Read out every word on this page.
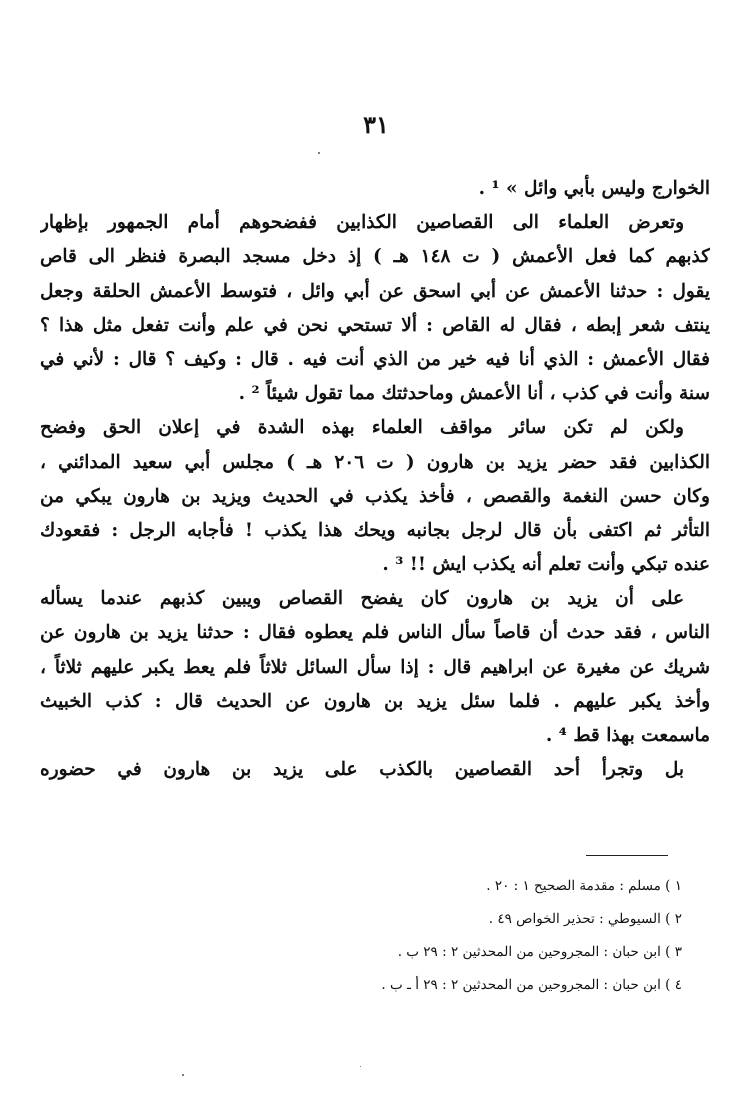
٣١
الخوارج وليس بأبي وائل » ¹ .
وتعرض العلماء الى القصاصين الكذابين ففضحوهم أمام الجمهور بإظهار
كذبهم كما فعل الأعمش ( ت ١٤٨ هـ ) إذ دخل مسجد البصرة فنظر الى قاص
يقول : حدثنا الأعمش عن أبي اسحق عن أبي وائل ، فتوسط الأعمش الحلقة وجعل
ينتف شعر إبطه ، فقال له القاص : ألا تستحي نحن في علم وأنت تفعل مثل هذا ؟
فقال الأعمش : الذي أنا فيه خير من الذي أنت فيه . قال : وكيف ؟ قال : لأني في
سنة وأنت في كذب ، أنا الأعمش وماحدثتك مما تقول شيئاً ² .
ولكن لم تكن سائر مواقف العلماء بهذه الشدة في إعلان الحق وفضح
الكذابين فقد حضر يزيد بن هارون ( ت ٢٠٦ هـ ) مجلس أبي سعيد المدائني ،
وكان حسن النغمة والقصص ، فأخذ يكذب في الحديث ويزيد بن هارون يبكي من
التأثر ثم اكتفى بأن قال لرجل بجانبه ويحك هذا يكذب ! فأجابه الرجل : فقعودك
عنده تبكي وأنت تعلم أنه يكذب ايش !! ³ .
على أن يزيد بن هارون كان يفضح القصاص ويبين كذبهم عندما يسأله
الناس ، فقد حدث أن قاصاً سأل الناس فلم يعطوه فقال : حدثنا يزيد بن هارون عن
شريك عن مغيرة عن ابراهيم قال : إذا سأل السائل ثلاثاً فلم يعط يكبر عليهم ثلاثاً ،
وأخذ يكبر عليهم . فلما سئل يزيد بن هارون عن الحديث قال : كذب الخبيث
ماسمعت بهذا قط ⁴ .
بل وتجرأ أحد القصاصين بالكذب على يزيد بن هارون في حضوره
١ ) مسلم : مقدمة الصحيح ١ : ٢٠ .
٢ ) السيوطي : تحذير الخواص ٤٩ .
٣ ) ابن حبان : المجروحين من المحدثين ٢ : ٢٩ ب .
٤ ) ابن حبان : المجروحين من المحدثين ٢ : ٢٩ أ ـ ب .
